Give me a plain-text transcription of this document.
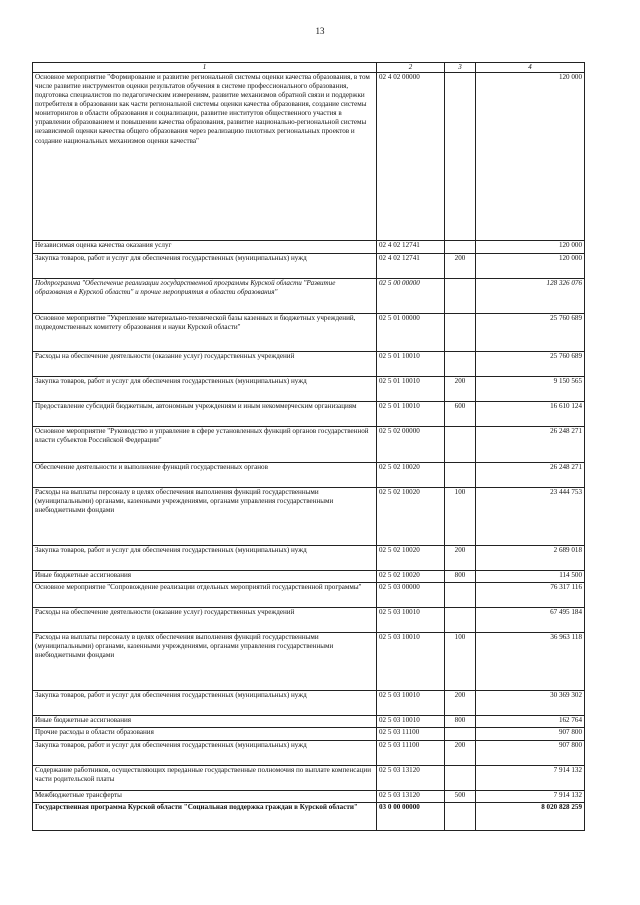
13
1	2	3	4
Основное мероприятие "Формирование и развитие региональной системы оценки качества образования, в том числе развитие инструментов оценки результатов обучения в системе профессионального образования, подготовка специалистов по педагогическим измерениям, развитие механизмов обратной связи и поддержки потребителя в образовании как части региональной системы оценки качества образования, создание системы мониторингов в области образования и социализации, развитие институтов общественного участия в управлении образованием и повышении качества образования, развитие национально-региональной системы независимой оценки качества общего образования через реализацию пилотных региональных проектов и создание национальных механизмов оценки качества"	02 4 02 00000		120 000
Независимая оценка качества оказания услуг	02 4 02 12741		120 000
Закупка товаров, работ и услуг для обеспечения государственных (муниципальных) нужд	02 4 02 12741	200	120 000
Подпрограмма "Обеспечение реализации государственной программы Курской области "Развитие образования в Курской области" и прочие мероприятия в области образования"	02 5 00 00000		128 326 076
Основное мероприятие "Укрепление материально-технической базы казенных и бюджетных учреждений, подведомственных комитету образования и науки Курской области"	02 5 01 00000		25 760 689
Расходы на обеспечение деятельности (оказание услуг) государственных учреждений	02 5 01 10010		25 760 689
Закупка товаров, работ и услуг для обеспечения государственных (муниципальных) нужд	02 5 01 10010	200	9 150 565
Предоставление субсидий бюджетным, автономным учреждениям и иным некоммерческим организациям	02 5 01 10010	600	16 610 124
Основное мероприятие "Руководство и управление в сфере установленных функций органов государственной власти субъектов Российской Федерации"	02 5 02 00000		26 248 271
Обеспечение деятельности и выполнение функций государственных органов	02 5 02 10020		26 248 271
Расходы на выплаты персоналу в целях обеспечения выполнения функций государственными (муниципальными) органами, казенными учреждениями, органами управления государственными внебюджетными фондами	02 5 02 10020	100	23 444 753
Закупка товаров, работ и услуг для обеспечения государственных (муниципальных) нужд	02 5 02 10020	200	2 689 018
Иные бюджетные ассигнования	02 5 02 10020	800	114 500
Основное мероприятие "Сопровождение реализации отдельных мероприятий государственной программы"	02 5 03 00000		76 317 116
Расходы на обеспечение деятельности (оказание услуг) государственных учреждений	02 5 03 10010		67 495 184
Расходы на выплаты персоналу в целях обеспечения выполнения функций государственными (муниципальными) органами, казенными учреждениями, органами управления государственными внебюджетными фондами	02 5 03 10010	100	36 963 118
Закупка товаров, работ и услуг для обеспечения государственных (муниципальных) нужд	02 5 03 10010	200	30 369 302
Иные бюджетные ассигнования	02 5 03 10010	800	162 764
Прочие расходы в области образования	02 5 03 11100		907 800
Закупка товаров, работ и услуг для обеспечения государственных (муниципальных) нужд	02 5 03 11100	200	907 800
Содержание работников, осуществляющих переданные государственные полномочия по выплате компенсации части родительской платы	02 5 03 13120		7 914 132
Межбюджетные трансферты	02 5 03 13120	500	7 914 132
Государственная программа Курской области "Социальная поддержка граждан в Курской области"	03 0 00 00000		8 020 828 259
